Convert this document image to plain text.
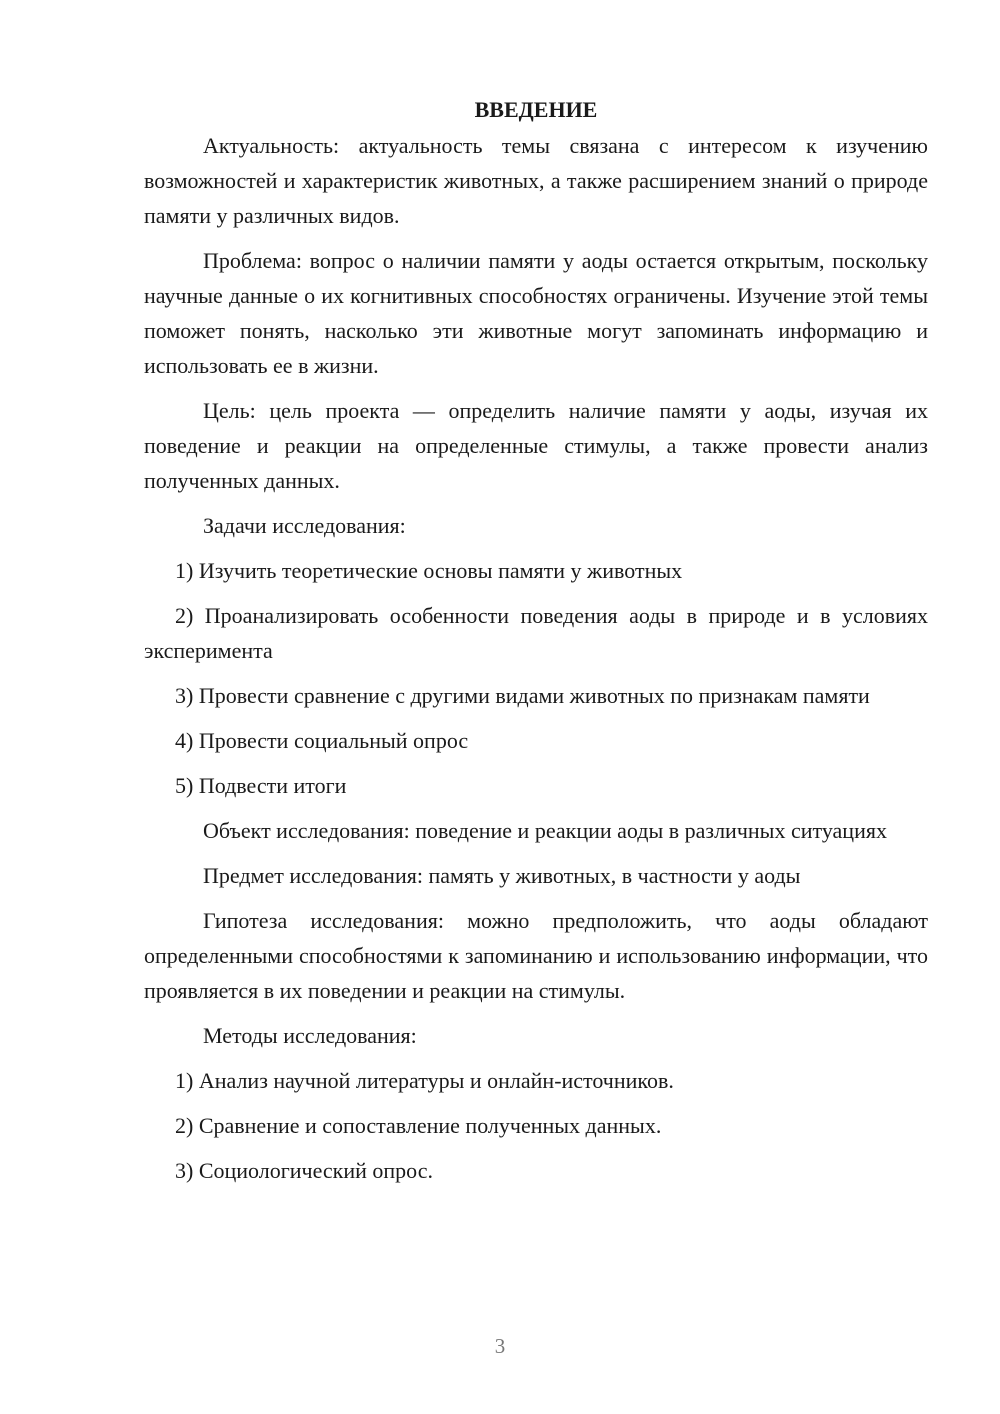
ВВЕДЕНИЕ

Актуальность: актуальность темы связана с интересом к изучению возможностей и характеристик животных, а также расширением знаний о природе памяти у различных видов.

Проблема: вопрос о наличии памяти у аоды остается открытым, поскольку научные данные о их когнитивных способностях ограничены. Изучение этой темы поможет понять, насколько эти животные могут запоминать информацию и использовать ее в жизни.

Цель: цель проекта — определить наличие памяти у аоды, изучая их поведение и реакции на определенные стимулы, а также провести анализ полученных данных.

Задачи исследования:

1) Изучить теоретические основы памяти у животных

2) Проанализировать особенности поведения аоды в природе и в условиях эксперимента

3) Провести сравнение с другими видами животных по признакам памяти

4) Провести социальный опрос

5) Подвести итоги

Объект исследования: поведение и реакции аоды в различных ситуациях

Предмет исследования: память у животных, в частности у аоды

Гипотеза исследования: можно предположить, что аоды обладают определенными способностями к запоминанию и использованию информации, что проявляется в их поведении и реакции на стимулы.

Методы исследования:

1) Анализ научной литературы и онлайн-источников.

2) Сравнение и сопоставление полученных данных.

3) Социологический опрос.

3
